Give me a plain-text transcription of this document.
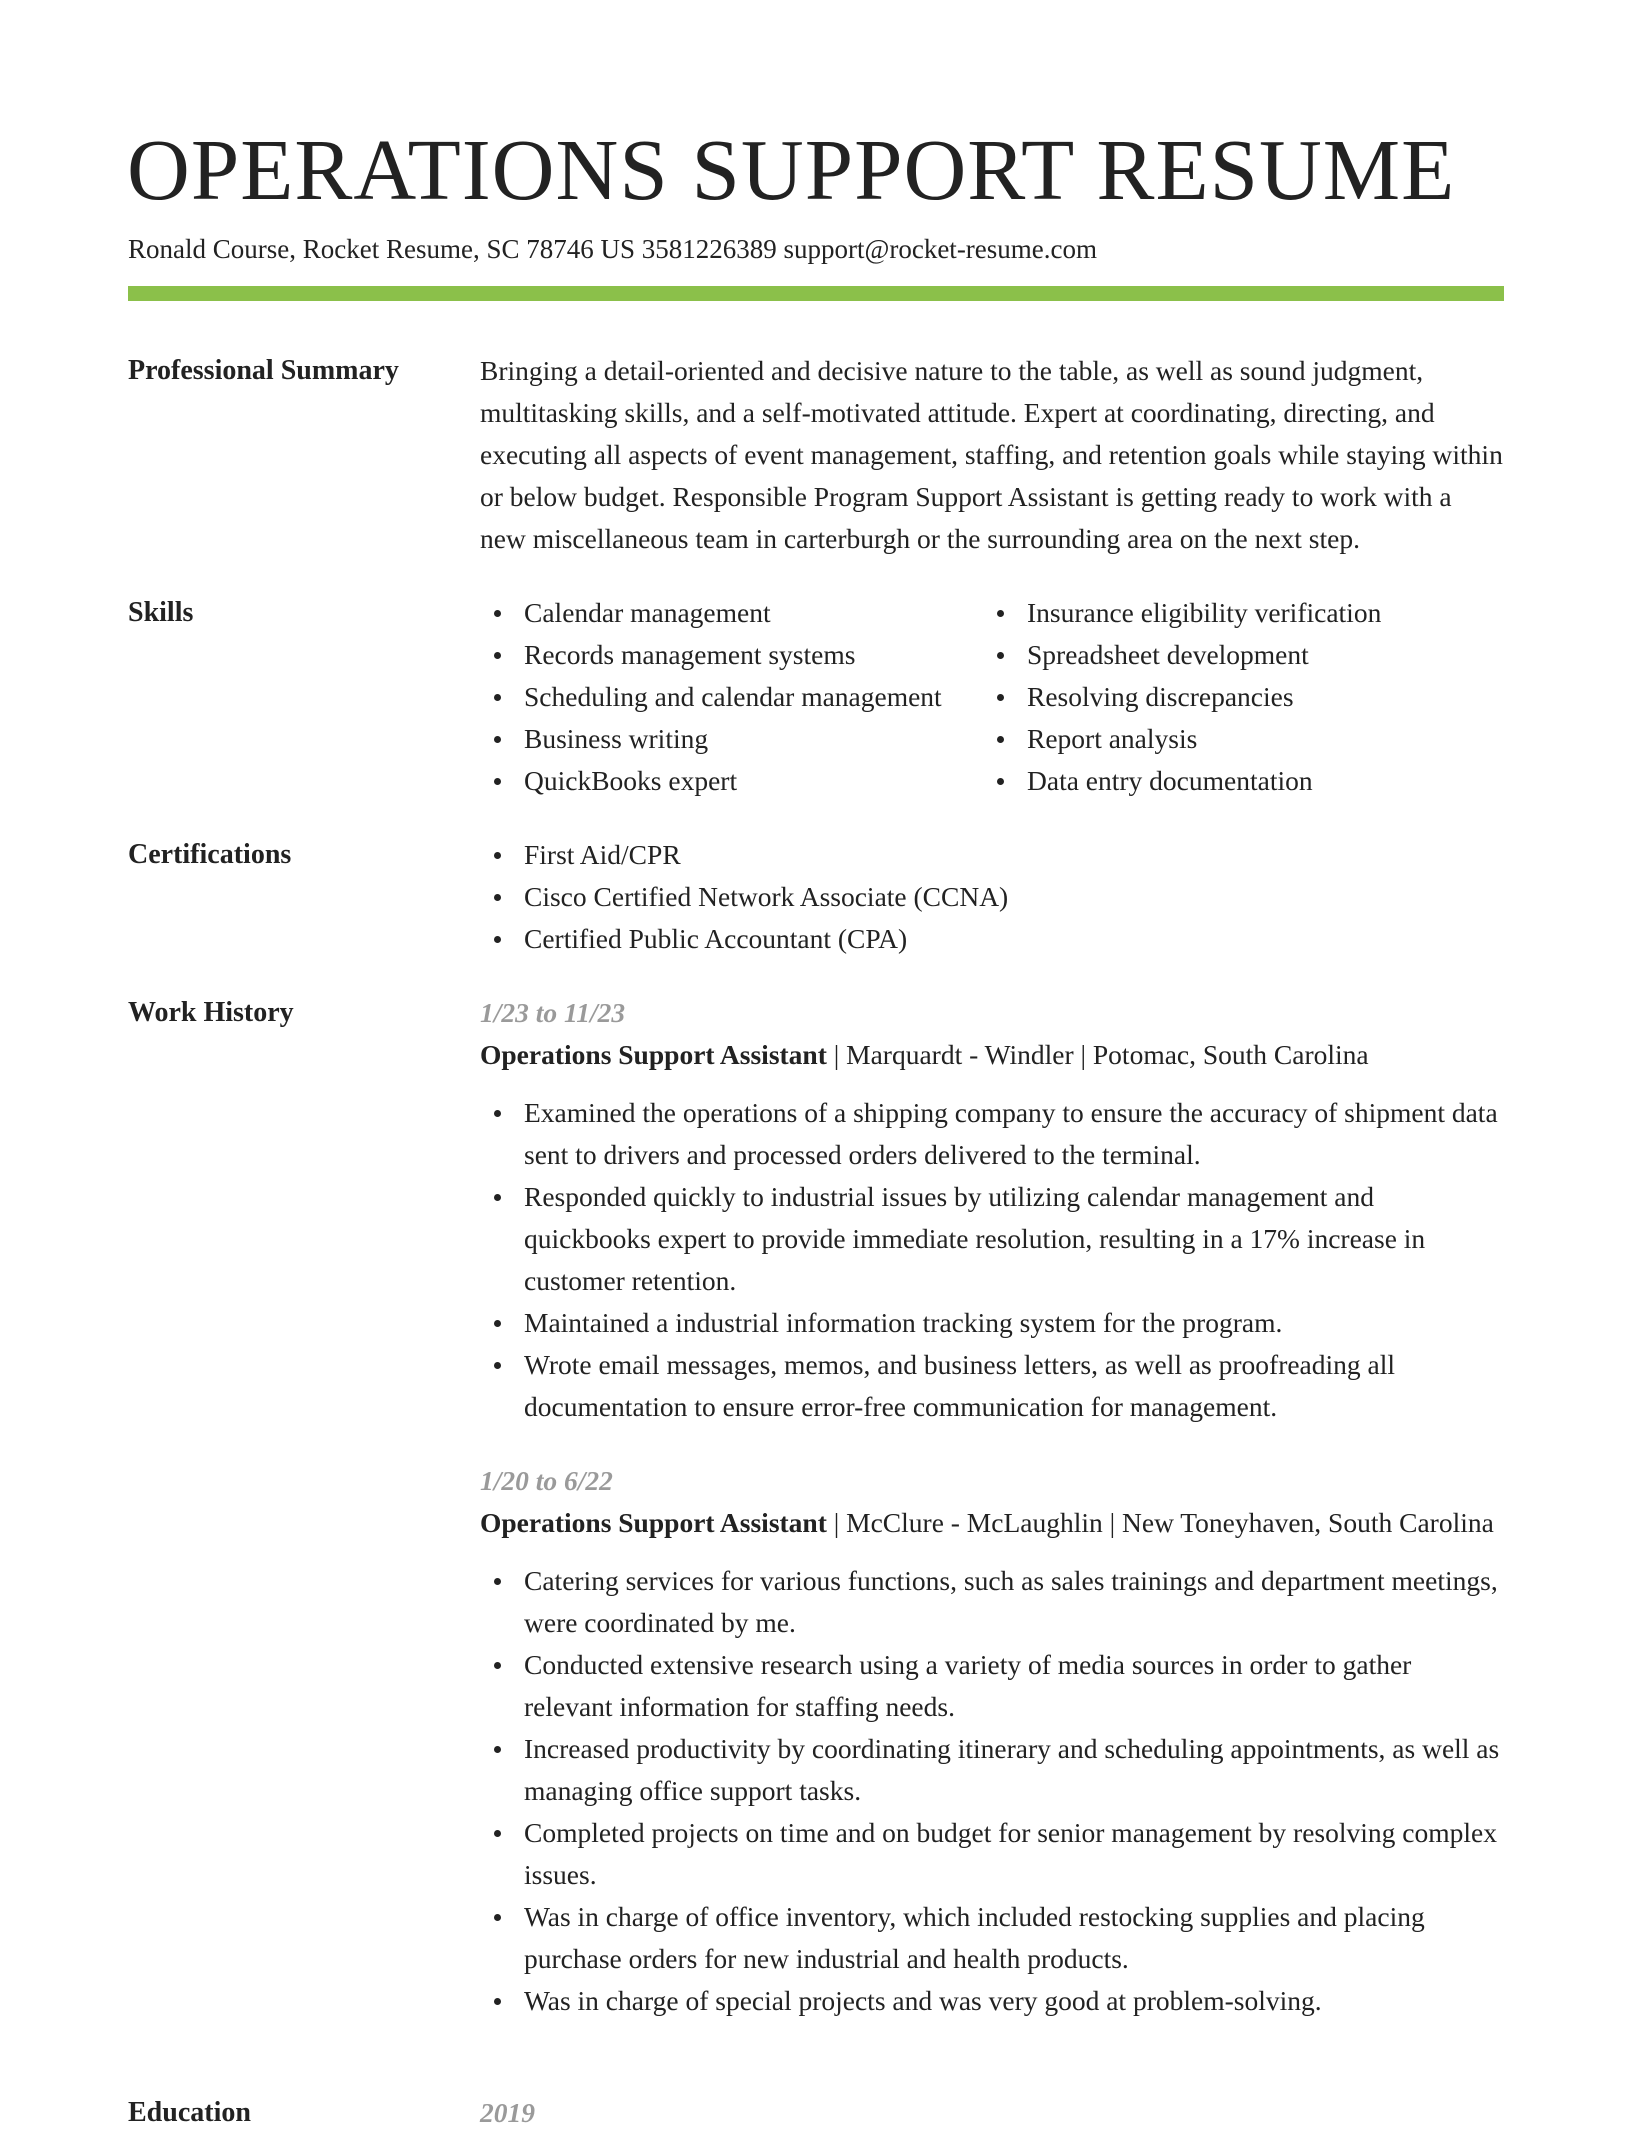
OPERATIONS SUPPORT RESUME
Ronald Course, Rocket Resume, SC 78746 US 3581226389 support@rocket-resume.com
Professional Summary	Bringing a detail-oriented and decisive nature to the table, as well as sound judgment, multitasking skills, and a self-motivated attitude. Expert at coordinating, directing, and executing all aspects of event management, staffing, and retention goals while staying within or below budget. Responsible Program Support Assistant is getting ready to work with a new miscellaneous team in carterburgh or the surrounding area on the next step.

Skills	Calendar management
Records management systems
Scheduling and calendar management
Business writing
QuickBooks expert
Insurance eligibility verification
Spreadsheet development
Resolving discrepancies
Report analysis
Data entry documentation
Certifications	First Aid/CPR
Cisco Certified Network Associate (CCNA)
Certified Public Accountant (CPA)
Work History	1/23 to 11/23

Operations Support Assistant | Marquardt - Windler | Potomac, South Carolina

Examined the operations of a shipping company to ensure the accuracy of shipment data sent to drivers and processed orders delivered to the terminal.
Responded quickly to industrial issues by utilizing calendar management and quickbooks expert to provide immediate resolution, resulting in a 17% increase in customer retention.
Maintained a industrial information tracking system for the program.
Wrote email messages, memos, and business letters, as well as proofreading all documentation to ensure error-free communication for management.

1/20 to 6/22

Operations Support Assistant | McClure - McLaughlin | New Toneyhaven, South Carolina

Catering services for various functions, such as sales trainings and department meetings, were coordinated by me.
Conducted extensive research using a variety of media sources in order to gather relevant information for staffing needs.
Increased productivity by coordinating itinerary and scheduling appointments, as well as managing office support tasks.
Completed projects on time and on budget for senior management by resolving complex issues.
Was in charge of office inventory, which included restocking supplies and placing purchase orders for new industrial and health products.
Was in charge of special projects and was very good at problem-solving.
Education	2019
